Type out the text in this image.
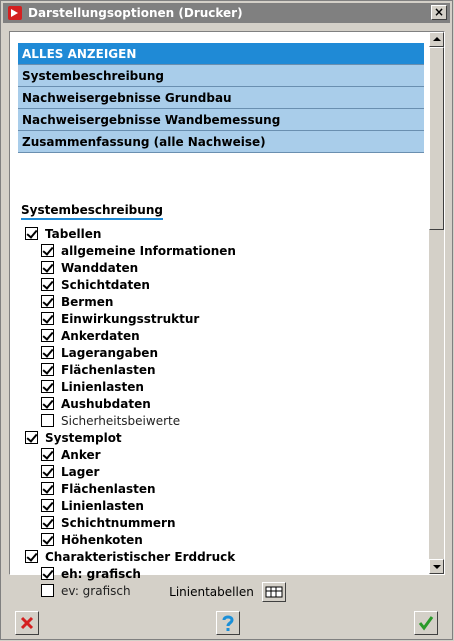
Darstellungsoptionen (Drucker)	×
ALLES ANZEIGEN
Systembeschreibung
Nachweisergebnisse Grundbau
Nachweisergebnisse Wandbemessung
Zusammenfassung (alle Nachweise)
Systembeschreibung
Tabellen
allgemeine Informationen
Wanddaten
Schichtdaten
Bermen
Einwirkungsstruktur
Ankerdaten
Lagerangaben
Flächenlasten
Linienlasten
Aushubdaten
Sicherheitsbeiwerte
Systemplot
Anker
Lager
Flächenlasten
Linienlasten
Schichtnummern
Höhenkoten
Charakteristischer Erddruck
eh: grafisch
ev: grafisch	Linientabellen
